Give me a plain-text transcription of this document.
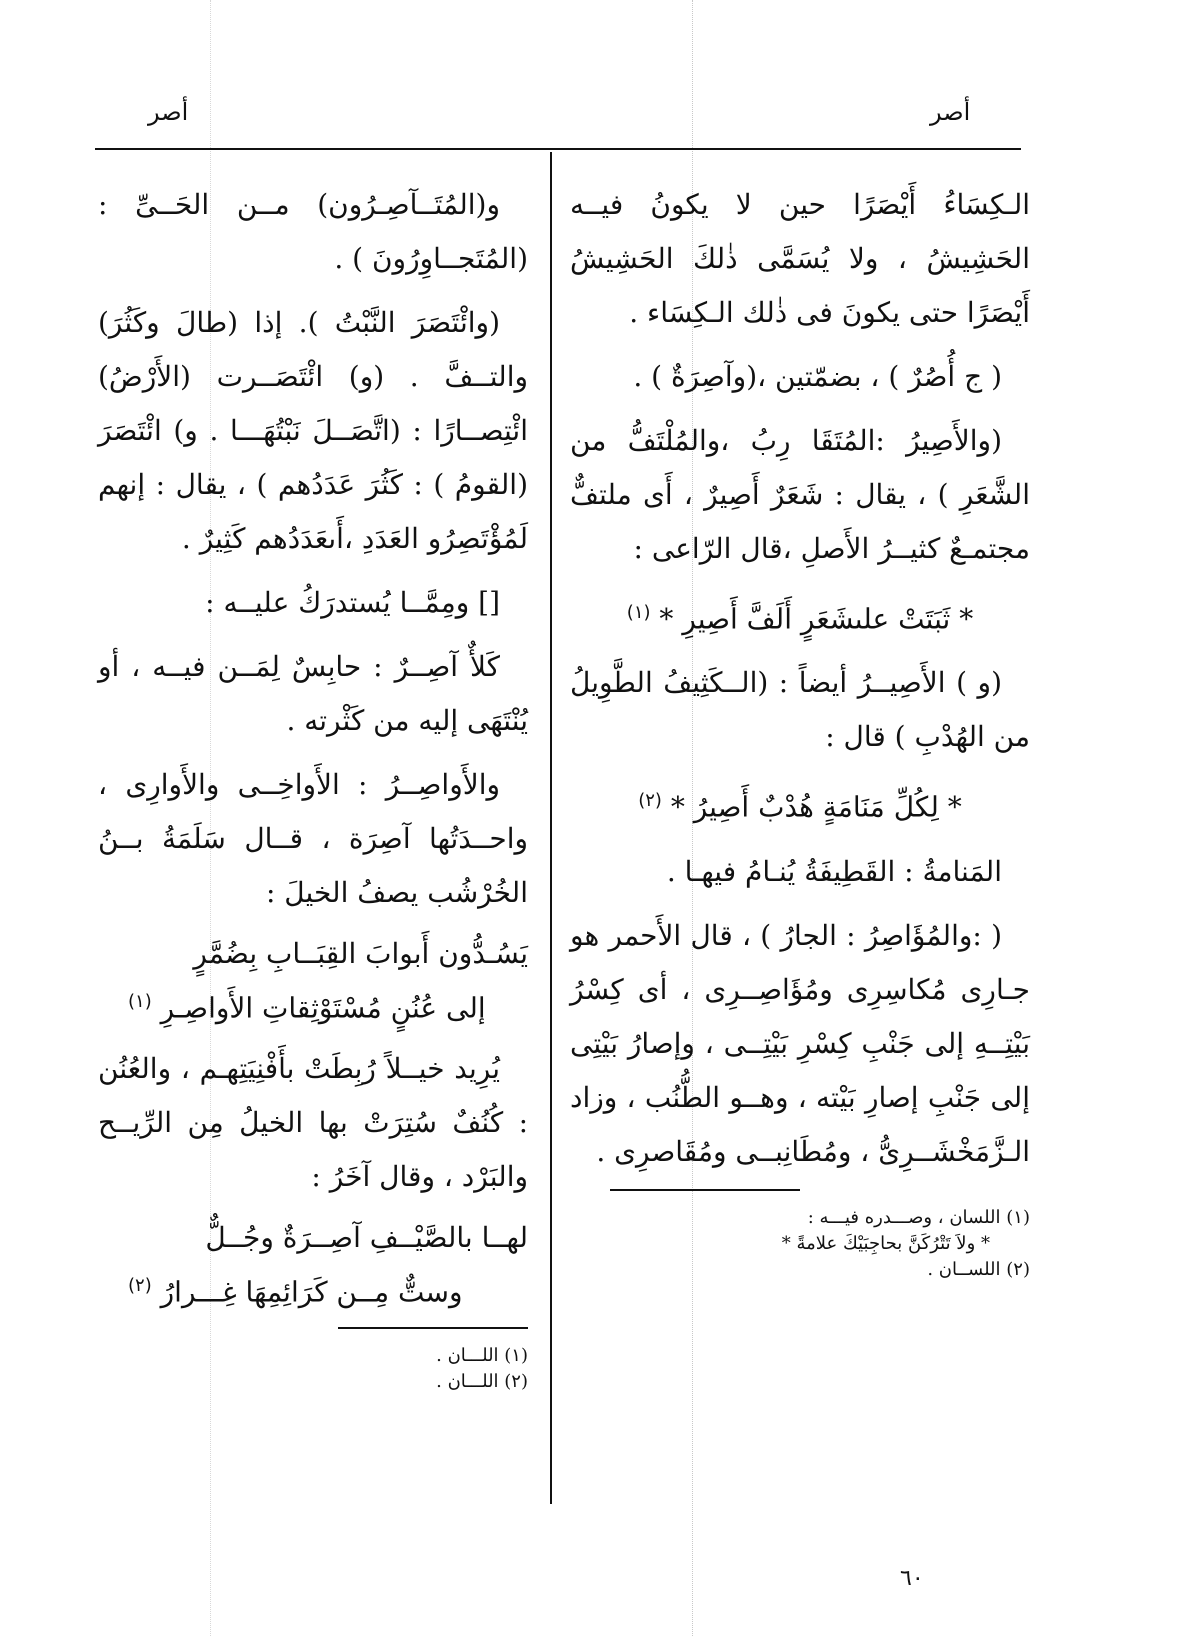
أصر
أصر

الـكِسَاءُ أَيْصَرًا حين لا يكونُ فيــه الحَشِيشُ ، ولا يُسَمَّى ذٰلكَ الحَشِيشُ أَيْصَرًا حتى يكونَ فى ذٰلك الـكِسَاء .

( ج أُصُرٌ ) ، بضمّتين ،(وآصِرَةٌ ) .

(والأَصِيرُ :المُتَقَا رِبُ ،والمُلْتَفُّ من الشَّعَرِ ) ، يقال : شَعَرٌ أَصِيرٌ ، أَى ملتفٌّ مجتمـعٌ كثيــرُ الأَصلِ ،قال الرّاعى :

* ثَبَتَتْ علىشَعَرٍ أَلَفَّ أَصِيرِ * $^{(١)}$

(و ) الأَصِيــرُ أيضاً : (الــكَثِيفُ الطَّوِيلُ من الهُدْبِ ) قال :

* لِكُلِّ مَنَامَةٍ هُدْبٌ أَصِيرُ * $^{(٢)}$

المَنامةُ : القَطِيفَةُ يُنـامُ فيهـا .

( :والمُؤَاصِرُ : الجارُ ) ، قال الأَحمر هو جـارِى مُكاسِرِى ومُؤَاصِــرِى ، أى كِسْرُ بَيْتِــهِ إلى جَنْبِ كِسْرِ بَيْتِــى ، وإصارُ بَيْتِى إلى جَنْبِ إصارِ بَيْته ، وهــو الطُّنُب ، وزاد الـزَّمَخْشَــرِىُّ ، ومُطَانِبــى ومُقَاصرِى .

(١) اللسان ، وصـــدره فيـــه :

* ولاَ تَتْرُكَنَّ بحاجِبَيْكَ علامةً *

(٢) اللســان .

و(المُتَــآصِـرُون) مــن الحَــىِّ : (المُتَجــاوِرُونَ ) .

(وائْتَصَرَ النَّبْتُ ). إذا (طالَ وكَثُرَ) والتــفَّ . (و) ائْتَصَــرت (الأَرْضُ) ائْتِصــارًا : (اتَّصَــلَ نَبْتُهَـــا . و) ائْتَصَرَ (القومُ ) : كَثُرَ عَدَدُهم ) ، يقال : إنهم لَمُؤْتَصِرُو العَدَدِ ،أَىعَدَدُهم كَثِيرٌ .

[] ومِمَّــا يُستدرَكُ عليــه :

كَلأٌ آصِــرٌ : حابِسٌ لِمَــن فيــه ، أو يُنْتَهَى إليه من كَثْرته .

والأَواصِــرُ : الأَواخِــى والأَوارِى ، واحــدَتُها آصِرَة ، قــال سَلَمَةُ بــنُ الخُرْشُب يصفُ الخيلَ :

يَسُـدُّون أَبوابَ القِبَــابِ بِضُمَّرٍ
إلى عُنُنٍ مُسْتَوْثِقاتِ الأَواصِـرِ $^{(١)}$

يُرِيد خيــلاً رُبِطَتْ بأَفْنِيَتِهـم ، والعُنُن : كُنُفٌ سُتِرَتْ بها الخيلُ مِن الرِّيــح والبَرْد ، وقال آخَرُ :

لهــا بالصَّيْــفِ آصِــرَةٌ وجُــلٌّ
وستٌّ مِــن كَرَائِمِهَا غِـــرارُ $^{(٢)}$

(١) اللـــان .

(٢) اللـــان .

٦٠
